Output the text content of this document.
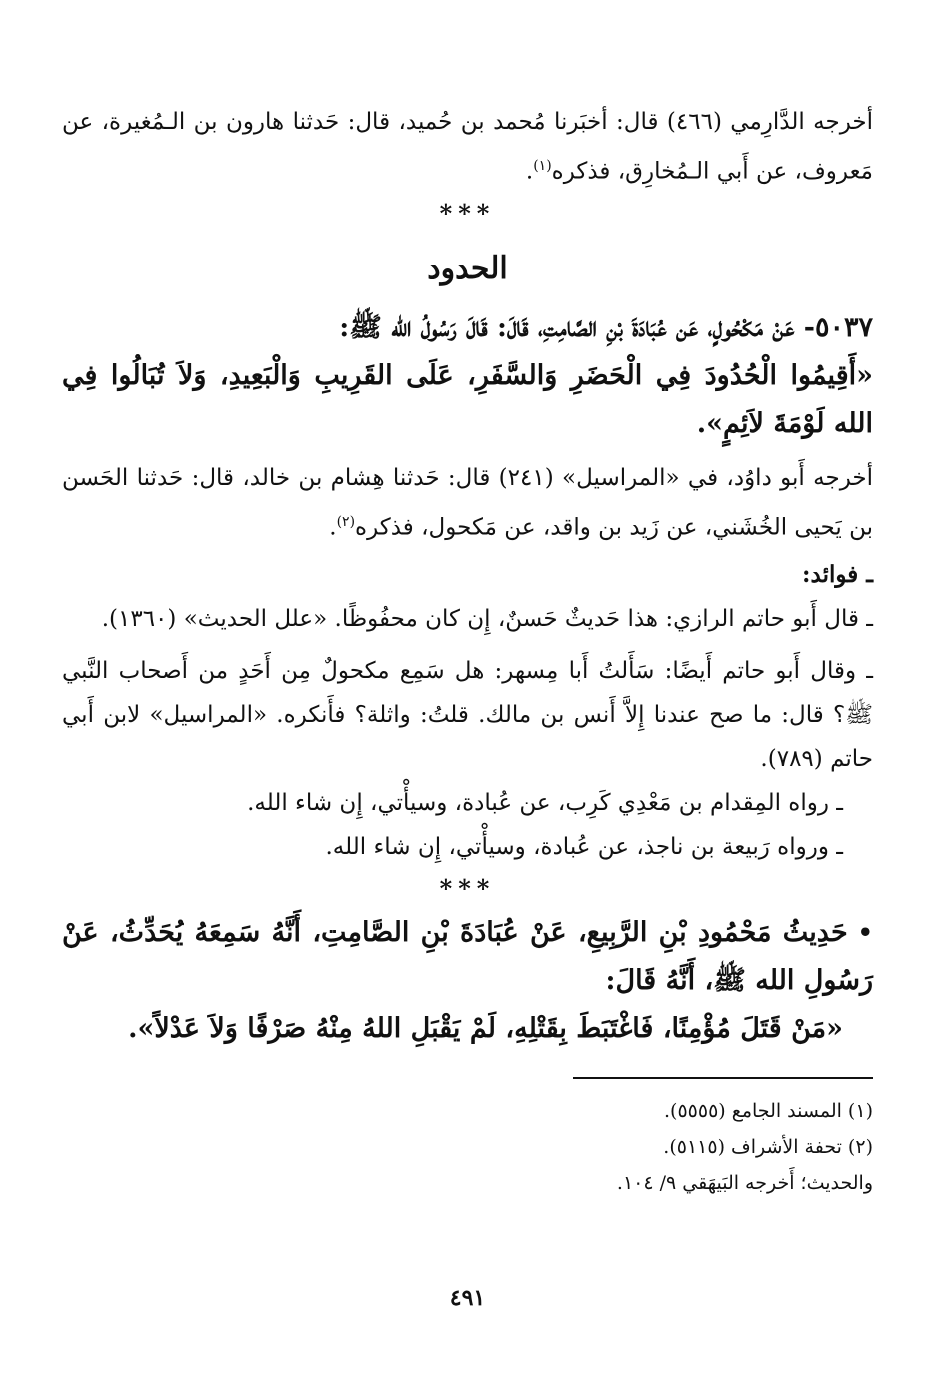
أخرجه الدَّارِمي (٤٦٦) قال: أخبَرنا مُحمد بن حُميد، قال: حَدثنا هارون بن الـمُغيرة، عن مَعروف، عن أَبي الـمُخارِق، فذكره$^{(١)}$.

***
الحدود

٥٠٣٧- عَنْ مَكْحُولٍ، عَن عُبَادَةَ بْنِ الصَّامِتِ، قَالَ: قَالَ رَسُولُ الله ﷺ:

«أَقِيمُوا الْحُدُودَ فِي الْحَضَرِ وَالسَّفَرِ، عَلَى القَرِيبِ وَالْبَعِيدِ، وَلاَ تُبَالُوا فِي الله لَوْمَةَ لاَئِمٍ».

أخرجه أَبو داوُد، في «المراسيل» (٢٤١) قال: حَدثنا هِشام بن خالد، قال: حَدثنا الحَسن بن يَحيى الخُشَني، عن زَيد بن واقد، عن مَكحول، فذكره$^{(٢)}$.

ـ فوائد:

ـ قال أَبو حاتم الرازي: هذا حَديثٌ حَسنٌ، إِن كان محفُوظًا. «علل الحديث» (١٣٦٠).

ـ وقال أَبو حاتم أَيضًا: سَأَلتُ أَبا مِسهر: هل سَمِع مكحولٌ مِن أَحَدٍ من أَصحاب النَّبي ﷺ؟ قال: ما صح عندنا إِلاَّ أَنس بن مالك. قلتُ: واثلة؟ فأَنكره. «المراسيل» لابن أَبي حاتم (٧٨٩).

ـ رواه المِقدام بن مَعْدِي كَرِب، عن عُبادة، وسيأْتي، إِن شاء الله.

ـ ورواه رَبيعة بن ناجذ، عن عُبادة، وسيأْتي، إِن شاء الله.

***

•حَدِيثُ مَحْمُودِ بْنِ الرَّبِيعِ، عَنْ عُبَادَةَ بْنِ الصَّامِتِ، أَنَّهُ سَمِعَهُ يُحَدِّثُ، عَنْ رَسُولِ الله ﷺ، أَنَّهُ قَالَ:

«مَنْ قَتَلَ مُؤْمِنًا، فَاغْتَبَطَ بِقَتْلِهِ، لَمْ يَقْبَلِ اللهُ مِنْهُ صَرْفًا وَلاَ عَدْلاً».

(١) المسند الجامع (٥٥٥٥).

(٢) تحفة الأشراف (٥١١٥).

والحديث؛ أَخرجه البَيهَقي ٩/ ١٠٤.

٤٩١
